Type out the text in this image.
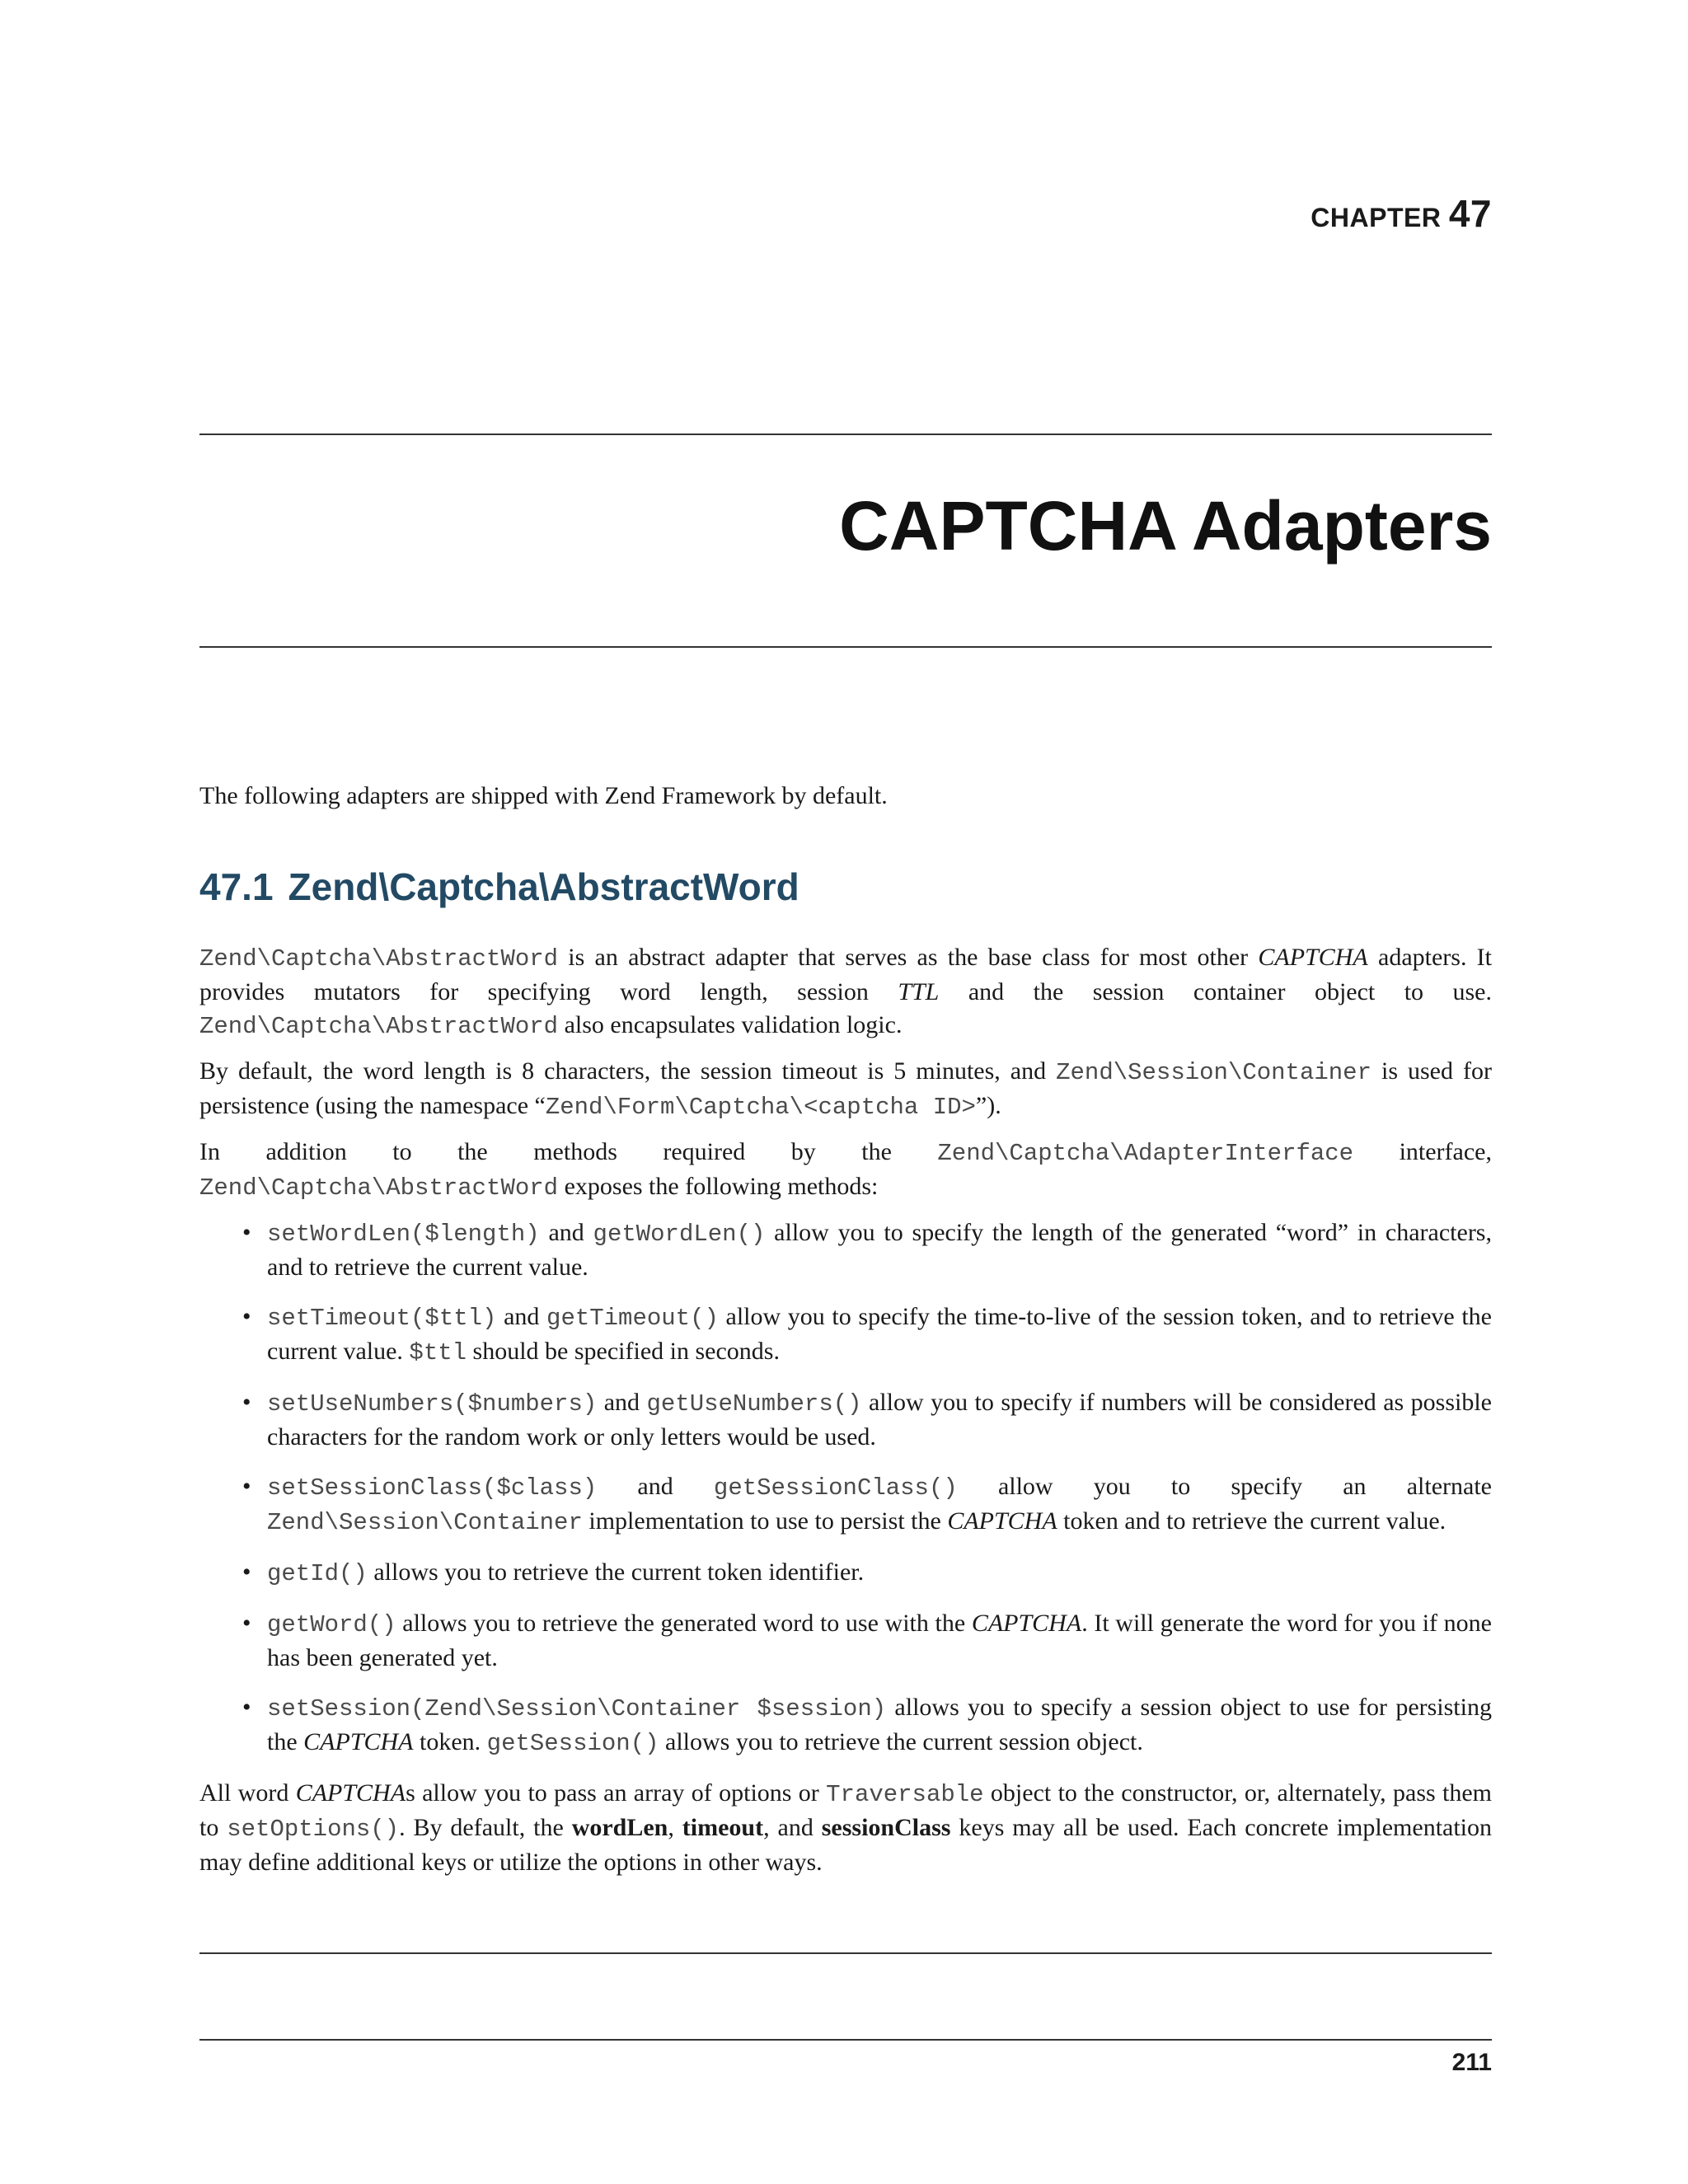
CHAPTER 47
CAPTCHA Adapters

The following adapters are shipped with Zend Framework by default.

47.1 Zend\Captcha\AbstractWord

Zend\Captcha\AbstractWord is an abstract adapter that serves as the base class for most other CAPTCHA adapters. It provides mutators for specifying word length, session TTL and the session container object to use. Zend\Captcha\AbstractWord also encapsulates validation logic.

By default, the word length is 8 characters, the session timeout is 5 minutes, and Zend\Session\Container is used for persistence (using the namespace “Zend\Form\Captcha\<captcha ID>”).

In addition to the methods required by the Zend\Captcha\AdapterInterface interface, Zend\Captcha\AbstractWord exposes the following methods:

• setWordLen($length) and getWordLen() allow you to specify the length of the generated “word” in characters, and to retrieve the current value.
• setTimeout($ttl) and getTimeout() allow you to specify the time-to-live of the session token, and to retrieve the current value. $ttl should be specified in seconds.
• setUseNumbers($numbers) and getUseNumbers() allow you to specify if numbers will be considered as possible characters for the random work or only letters would be used.
• setSessionClass($class) and getSessionClass() allow you to specify an alternate Zend\Session\Container implementation to use to persist the CAPTCHA token and to retrieve the current value.
• getId() allows you to retrieve the current token identifier.
• getWord() allows you to retrieve the generated word to use with the CAPTCHA. It will generate the word for you if none has been generated yet.
• setSession(Zend\Session\Container $session) allows you to specify a session object to use for persisting the CAPTCHA token. getSession() allows you to retrieve the current session object.

All word CAPTCHAs allow you to pass an array of options or Traversable object to the constructor, or, alternately, pass them to setOptions(). By default, the wordLen, timeout, and sessionClass keys may all be used. Each concrete implementation may define additional keys or utilize the options in other ways.

211
